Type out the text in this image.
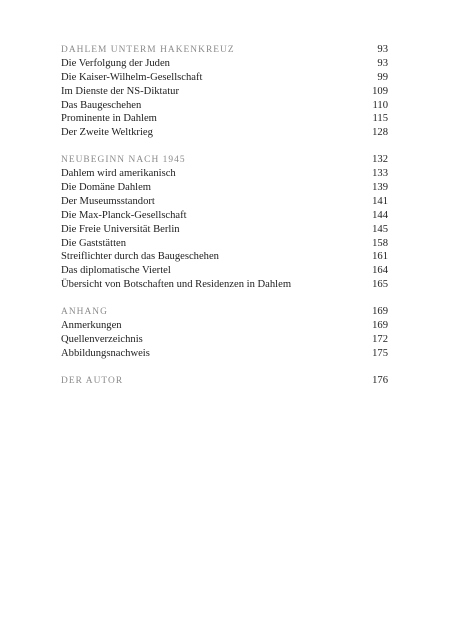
DAHLEM UNTERM HAKENKREUZ	93
Die Verfolgung der Juden	93
Die Kaiser-Wilhelm-Gesellschaft	99
Im Dienste der NS-Diktatur	109
Das Baugeschehen	110
Prominente in Dahlem	115
Der Zweite Weltkrieg	128
NEUBEGINN NACH 1945	132
Dahlem wird amerikanisch	133
Die Domäne Dahlem	139
Der Museumsstandort	141
Die Max-Planck-Gesellschaft	144
Die Freie Universität Berlin	145
Die Gaststätten	158
Streiflichter durch das Baugeschehen	161
Das diplomatische Viertel	164
Übersicht von Botschaften und Residenzen in Dahlem	165
ANHANG	169
Anmerkungen	169
Quellenverzeichnis	172
Abbildungsnachweis	175
DER AUTOR	176
